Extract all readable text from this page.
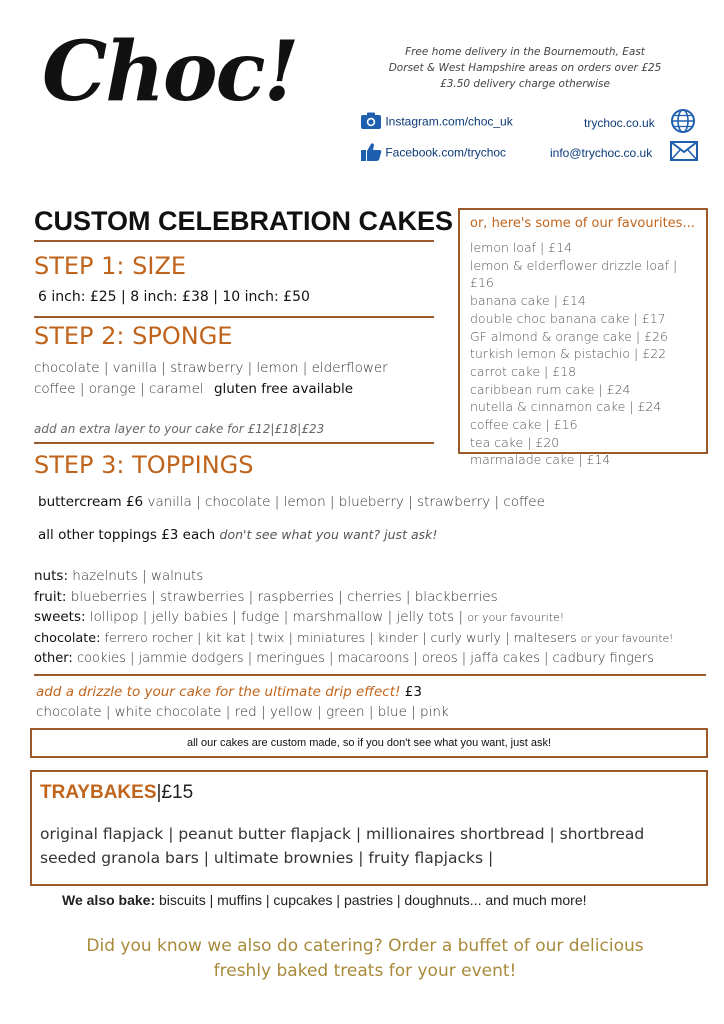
Choc!	Free home delivery in the Bournemouth, East
Dorset & West Hampshire areas on orders over £25
£3.50 delivery charge otherwise
Instagram.com/choc_uk
Facebook.com/trychoc
trychoc.co.uk
info@trychoc.co.uk
CUSTOM CELEBRATION CAKES
STEP 1: SIZE
6 inch: £25 | 8 inch: £38 | 10 inch: £50
STEP 2: SPONGE
chocolate | vanilla | strawberry | lemon | elderflower
coffee | orange | caramel gluten free available
add an extra layer to your cake for £12|£18|£23
STEP 3: TOPPINGS
buttercream £6 vanilla | chocolate | lemon | blueberry | strawberry | coffee
all other toppings £3 each don't see what you want? just ask!
nuts: hazelnuts | walnuts
fruit: blueberries | strawberries | raspberries | cherries | blackberries
sweets: lollipop | jelly babies | fudge | marshmallow | jelly tots | or your favourite!
chocolate: ferrero rocher | kit kat | twix | miniatures | kinder | curly wurly | maltesers or your favourite!
other: cookies | jammie dodgers | meringues | macaroons | oreos | jaffa cakes | cadbury fingers
add a drizzle to your cake for the ultimate drip effect! £3
chocolate | white chocolate | red | yellow | green | blue | pink
or, here's some of our favourites...
lemon loaf | £14
lemon & elderflower drizzle loaf | £16
banana cake | £14
double choc banana cake | £17
GF almond & orange cake | £26
turkish lemon & pistachio | £22
carrot cake | £18
caribbean rum cake | £24
nutella & cinnamon cake | £24
coffee cake | £16
tea cake | £20
marmalade cake | £14
all our cakes are custom made, so if you don't see what you want, just ask!
TRAYBAKES|£15
original flapjack | peanut butter flapjack | millionaires shortbread | shortbread
seeded granola bars | ultimate brownies | fruity flapjacks |
We also bake: biscuits | muffins | cupcakes | pastries | doughnuts... and much more!
Did you know we also do catering? Order a buffet of our delicious
freshly baked treats for your event!
